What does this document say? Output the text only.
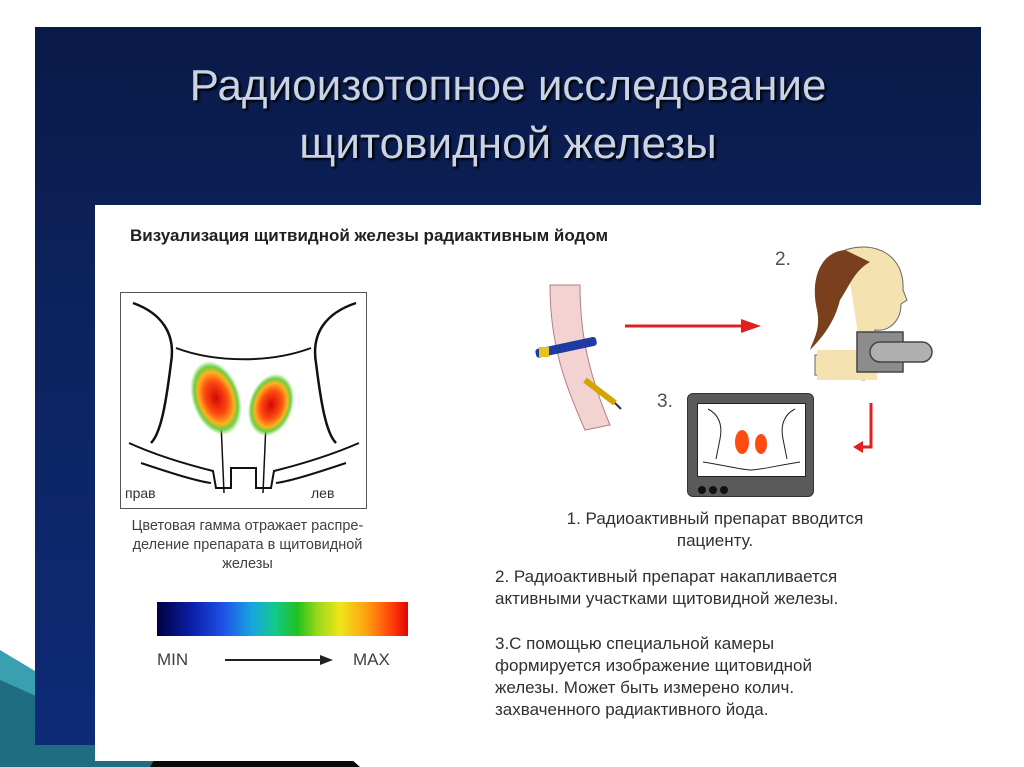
Радиоизотопное исследование
щитовидной железы
Визуализация щитвидной железы радиактивным йодом
прав	лев
Цветовая гамма отражает распре-
деление препарата в щитовидной
железы
MIN	MAX
2.
3.
1. Радиоактивный препарат вводится
пациенту.
2. Радиоактивный препарат накапливается
активными участками щитовидной железы.
3.С помощью специальной камеры
формируется изображение щитовидной
железы. Может быть измерено колич.
захваченного радиактивного йода.
